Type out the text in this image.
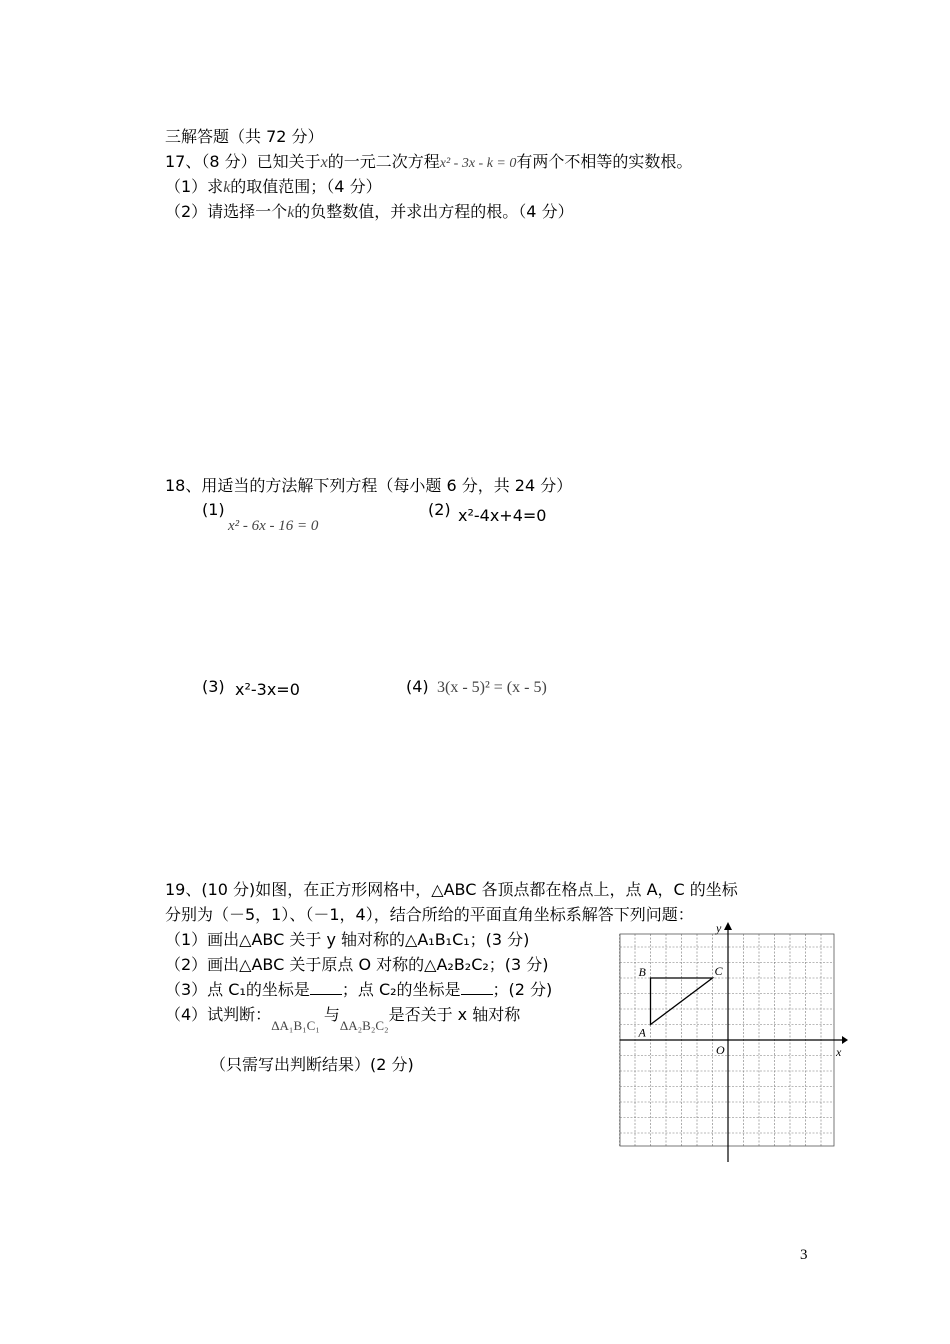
三解答题（共 72 分）
17、（8 分）已知关于x的一元二次方程x² - 3x - k = 0有两个不相等的实数根。
（1）求k的取值范围；（4 分）
（2）请选择一个k的负整数值，并求出方程的根。（4 分）
18、用适当的方法解下列方程（每小题 6 分，共 24 分）
(1)
x² - 6x - 16 = 0
(2) x²-4x+4=0
(3) x²-3x=0	(4) 3(x - 5)² = (x - 5)
19、(10 分)如图，在正方形网格中，△ABC 各顶点都在格点上，点 A，C 的坐标
分别为（－5，1）、（－1，4），结合所给的平面直角坐标系解答下列问题：
（1）画出△ABC 关于 y 轴对称的△A₁B₁C₁；(3 分)
（2）画出△ABC 关于原点 O 对称的△A₂B₂C₂；(3 分)
（3）点 C₁的坐标是 ；点 C₂的坐标是 ；(2 分)
（4）试判断：$_{\Delta A_1B_1C_1}$与$_{\Delta A_2B_2C_2}$是否关于 x 轴对称
（只需写出判断结果）(2 分)
x
y
O
A
B	C
3
